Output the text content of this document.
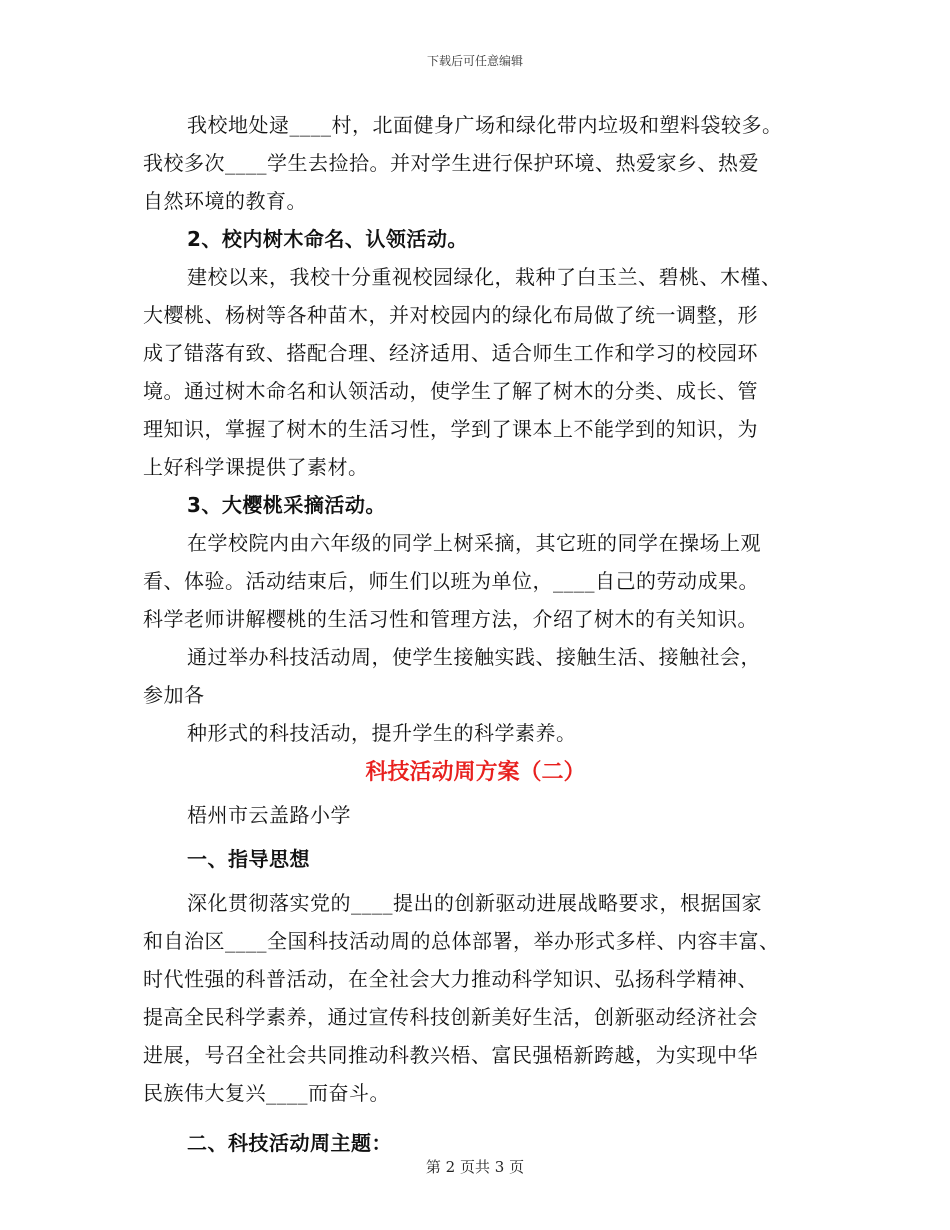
下载后可任意编辑
我校地处逯____村，北面健身广场和绿化带内垃圾和塑料袋较多。
我校多次____学生去捡拾。并对学生进行保护环境、热爱家乡、热爱
自然环境的教育。
2、校内树木命名、认领活动。
建校以来，我校十分重视校园绿化，栽种了白玉兰、碧桃、木槿、
大樱桃、杨树等各种苗木，并对校园内的绿化布局做了统一调整，形
成了错落有致、搭配合理、经济适用、适合师生工作和学习的校园环
境。通过树木命名和认领活动，使学生了解了树木的分类、成长、管
理知识，掌握了树木的生活习性，学到了课本上不能学到的知识，为
上好科学课提供了素材。
3、大樱桃采摘活动。
在学校院内由六年级的同学上树采摘，其它班的同学在操场上观
看、体验。活动结束后，师生们以班为单位，____自己的劳动成果。
科学老师讲解樱桃的生活习性和管理方法，介绍了树木的有关知识。
通过举办科技活动周，使学生接触实践、接触生活、接触社会，
参加各
种形式的科技活动，提升学生的科学素养。
科技活动周方案（二）
梧州市云盖路小学
一、指导思想
深化贯彻落实党的____提出的创新驱动进展战略要求，根据国家
和自治区____全国科技活动周的总体部署，举办形式多样、内容丰富、
时代性强的科普活动，在全社会大力推动科学知识、弘扬科学精神、
提高全民科学素养，通过宣传科技创新美好生活，创新驱动经济社会
进展，号召全社会共同推动科教兴梧、富民强梧新跨越，为实现中华
民族伟大复兴____而奋斗。
二、科技活动周主题：
第 2 页共 3 页
